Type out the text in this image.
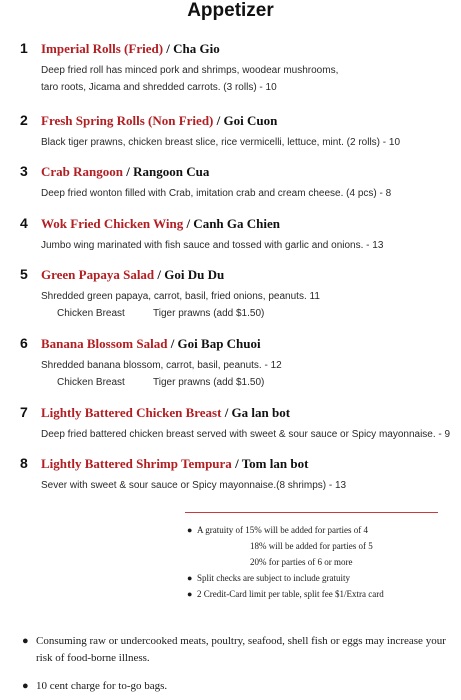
Appetizer
1 Imperial Rolls (Fried) / Cha Gio
Deep fried roll has minced pork and shrimps, woodear mushrooms,
taro roots, Jicama and shredded carrots. (3 rolls) - 10
2 Fresh Spring Rolls (Non Fried) / Goi Cuon
Black tiger prawns, chicken breast slice, rice vermicelli, lettuce, mint. (2 rolls) - 10
3 Crab Rangoon / Rangoon Cua
Deep fried wonton filled with Crab, imitation crab and cream cheese. (4 pcs) - 8
4 Wok Fried Chicken Wing / Canh Ga Chien
Jumbo wing marinated with fish sauce and tossed with garlic and onions. - 13
5 Green Papaya Salad / Goi Du Du
Shredded green papaya, carrot, basil, fried onions, peanuts. 11
Chicken Breast	Tiger prawns (add $1.50)
6 Banana Blossom Salad / Goi Bap Chuoi
Shredded banana blossom, carrot, basil, peanuts. - 12
Chicken Breast	Tiger prawns (add $1.50)
7 Lightly Battered Chicken Breast / Ga lan bot
Deep fried battered chicken breast served with sweet & sour sauce or Spicy mayonnaise. - 9
8 Lightly Battered Shrimp Tempura / Tom lan bot
Sever with sweet & sour sauce or Spicy mayonnaise.(8 shrimps) - 13
● A gratuity of 15% will be added for parties of 4
18% will be added for parties of 5
20% for parties of 6 or more
● Split checks are subject to include gratuity
● 2 Credit-Card limit per table, split fee $1/Extra card
● Consuming raw or undercooked meats, poultry, seafood, shell fish or eggs may increase your risk of food-borne illness.
● 10 cent charge for to-go bags.
